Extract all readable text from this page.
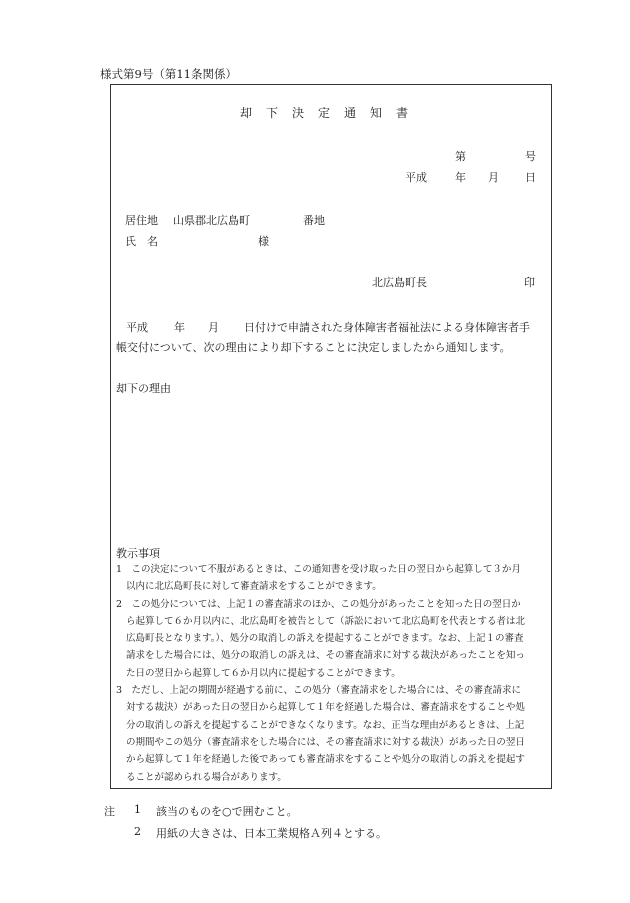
様式第9号（第11条関係）
却下決定通知書
第	号
平成	年 月 日
居住地 山県郡北広島町	番地
氏　名	様
北広島町長	印
平成 年 月 日付けで申請された身体障害者福祉法による身体障害者手
帳交付について、次の理由により却下することに決定しましたから通知します。
却下の理由
教示事項
1　この決定について不服があるときは、この通知書を受け取った日の翌日から起算して３か月
以内に北広島町長に対して審査請求をすることができます。
2　この処分については、上記１の審査請求のほか、この処分があったことを知った日の翌日か
ら起算して６か月以内に、北広島町を被告として（訴訟において北広島町を代表とする者は北
広島町長となります。）、処分の取消しの訴えを提起することができます。なお、上記１の審査
請求をした場合には、処分の取消しの訴えは、その審査請求に対する裁決があったことを知っ
た日の翌日から起算して６か月以内に提起することができます。
3　ただし、上記の期間が経過する前に、この処分（審査請求をした場合には、その審査請求に
対する裁決）があった日の翌日から起算して１年を経過した場合は、審査請求をすることや処
分の取消しの訴えを提起することができなくなります。なお、正当な理由があるときは、上記
の期間やこの処分（審査請求をした場合には、その審査請求に対する裁決）があった日の翌日
から起算して１年を経過した後であっても審査請求をすることや処分の取消しの訴えを提起す
ることが認められる場合があります。
注 1 該当のものを○で囲むこと。
2 用紙の大きさは、日本工業規格Ａ列４とする。
